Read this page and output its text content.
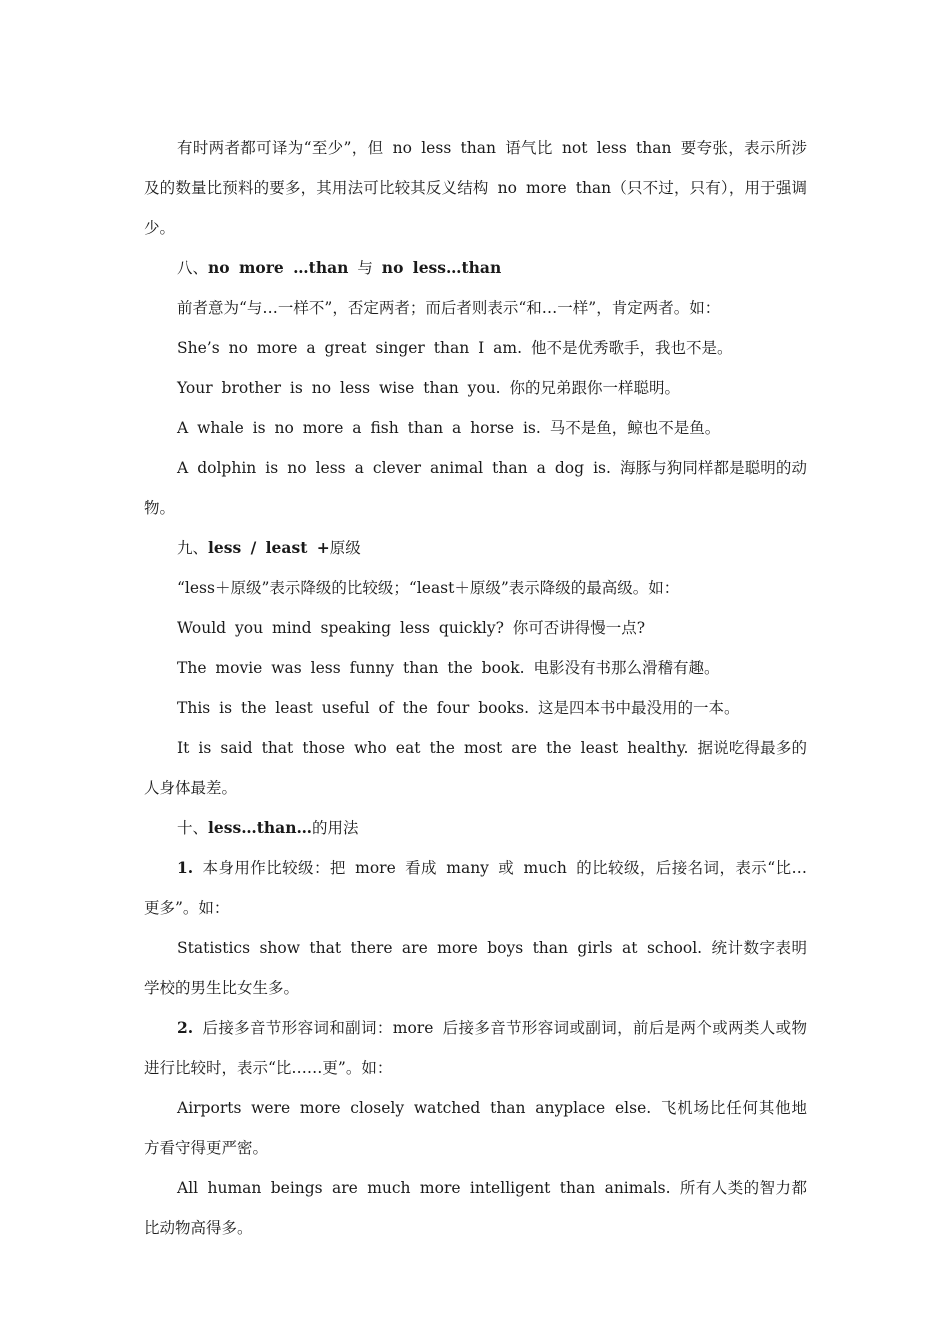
有时两者都可译为“至少”，但 no less than 语气比 not less than 要夸张，表示所涉及的数量比预料的要多，其用法可比较其反义结构 no more than（只不过，只有），用于强调少。

八、no more …than 与 no less…than

前者意为“与…一样不”，否定两者；而后者则表示“和…一样”，肯定两者。如：

She’s no more a great singer than I am. 他不是优秀歌手，我也不是。

Your brother is no less wise than you. 你的兄弟跟你一样聪明。

A whale is no more a fish than a horse is. 马不是鱼，鲸也不是鱼。

A dolphin is no less a clever animal than a dog is. 海豚与狗同样都是聪明的动物。

九、less / least +原级

“less＋原级”表示降级的比较级；“least＋原级”表示降级的最高级。如：

Would you mind speaking less quickly? 你可否讲得慢一点?

The movie was less funny than the book. 电影没有书那么滑稽有趣。

This is the least useful of the four books. 这是四本书中最没用的一本。

It is said that those who eat the most are the least healthy. 据说吃得最多的人身体最差。

十、less…than…的用法

1. 本身用作比较级：把 more 看成 many 或 much 的比较级，后接名词，表示“比…更多”。如：

Statistics show that there are more boys than girls at school. 统计数字表明学校的男生比女生多。

2. 后接多音节形容词和副词：more 后接多音节形容词或副词，前后是两个或两类人或物进行比较时，表示“比……更”。如：

Airports were more closely watched than anyplace else. 飞机场比任何其他地方看守得更严密。

All human beings are much more intelligent than animals. 所有人类的智力都比动物高得多。
